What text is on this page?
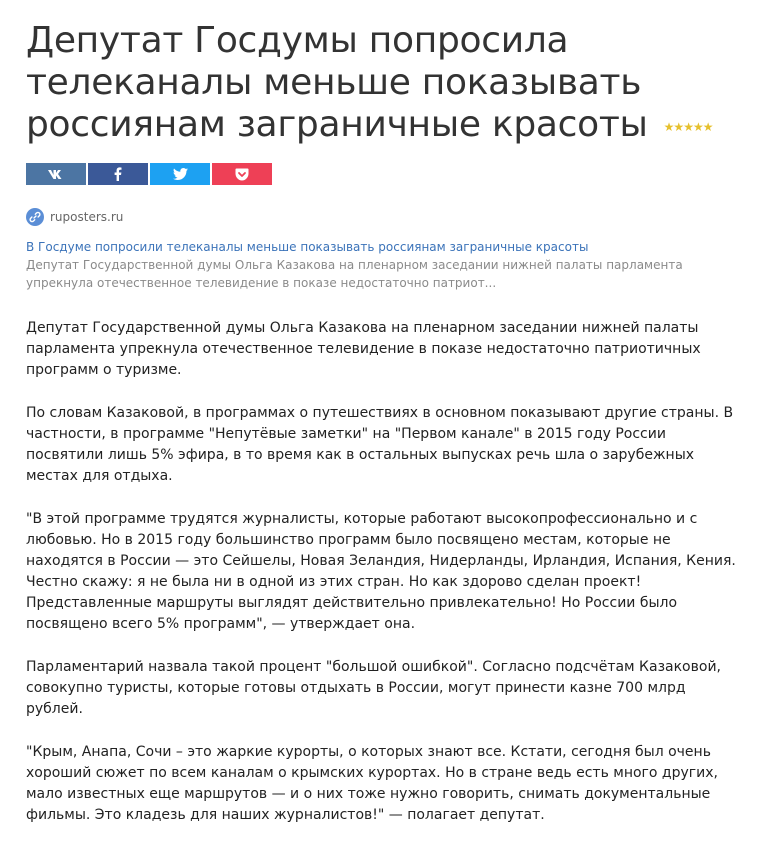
Депутат Госдумы попросила телеканалы меньше показывать россиянам заграничные красоты ★★★★★
ruposters.ru
В Госдуме попросили телеканалы меньше показывать россиянам заграничные красоты
Депутат Государственной думы Ольга Казакова на пленарном заседании нижней палаты парламента упрекнула отечественное телевидение в показе недостаточно патриот...

Депутат Государственной думы Ольга Казакова на пленарном заседании нижней палаты парламента упрекнула отечественное телевидение в показе недостаточно патриотичных программ о туризме.

По словам Казаковой, в программах о путешествиях в основном показывают другие страны. В частности, в программе "Непутёвые заметки" на "Первом канале" в 2015 году России посвятили лишь 5% эфира, в то время как в остальных выпусках речь шла о зарубежных местах для отдыха.

"В этой программе трудятся журналисты, которые работают высокопрофессионально и с любовью. Но в 2015 году большинство программ было посвящено местам, которые не находятся в России — это Сейшелы, Новая Зеландия, Нидерланды, Ирландия, Испания, Кения. Честно скажу: я не была ни в одной из этих стран. Но как здорово сделан проект! Представленные маршруты выглядят действительно привлекательно! Но России было посвящено всего 5% программ", — утверждает она.

Парламентарий назвала такой процент "большой ошибкой". Согласно подсчётам Казаковой, совокупно туристы, которые готовы отдыхать в России, могут принести казне 700 млрд рублей.

"Крым, Анапа, Сочи – это жаркие курорты, о которых знают все. Кстати, сегодня был очень хороший сюжет по всем каналам о крымских курортах. Но в стране ведь есть много других, мало известных еще маршрутов — и о них тоже нужно говорить, снимать документальные фильмы. Это кладезь для наших журналистов!" — полагает депутат.
